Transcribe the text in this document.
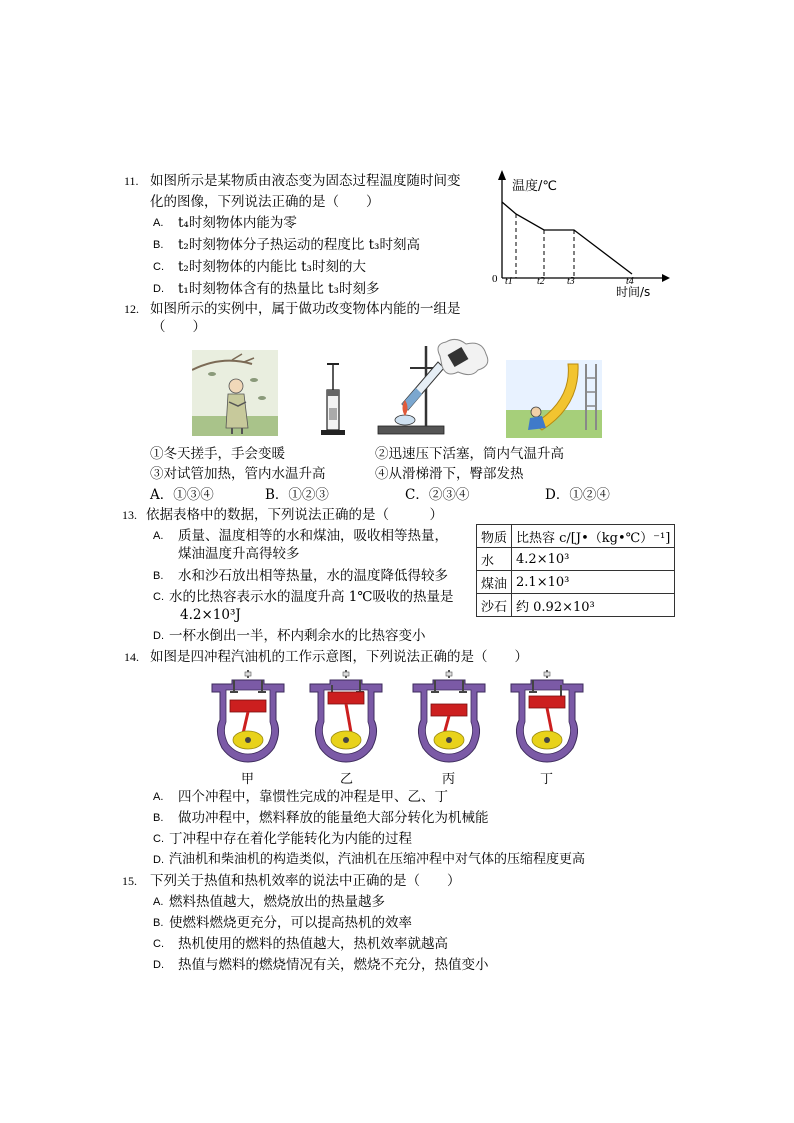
11. 如图所示是某物质由液态变为固态过程温度随时间变
化的图像，下列说法正确的是（　　）
A. t₄时刻物体内能为零
B. t₂时刻物体分子热运动的程度比 t₃时刻高
C. t₂时刻物体的内能比 t₃时刻的大
D. t₁时刻物体含有的热量比 t₃时刻多
温度/℃
0 t1 t2 t3	t4
时间/s
12. 如图所示的实例中，属于做功改变物体内能的一组是
（　　）
①冬天搓手，手会变暖	②迅速压下活塞，筒内气温升高
③对试管加热，管内水温升高	④从滑梯滑下，臀部发热
A．①③④	B．①②③	C．②③④	D．①②④
13. 依据表格中的数据，下列说法正确的是（　　　）
A. 质量、温度相等的水和煤油，吸收相等热量，
煤油温度升高得较多
B. 水和沙石放出相等热量，水的温度降低得较多
C. 水的比热容表示水的温度升高 1℃吸收的热量是
4.2×10³J
D. 一杯水倒出一半，杯内剩余水的比热容变小
物质	比热容 c/[J•（kg•℃）⁻¹]
水	4.2×10³
煤油	2.1×10³
沙石	约 0.92×10³
14. 如图是四冲程汽油机的工作示意图，下列说法正确的是（　　）
甲	乙	丙	丁
A. 四个冲程中，靠惯性完成的冲程是甲、乙、丁
B. 做功冲程中，燃料释放的能量绝大部分转化为机械能
C. 丁冲程中存在着化学能转化为内能的过程
D. 汽油机和柴油机的构造类似，汽油机在压缩冲程中对气体的压缩程度更高
15. 下列关于热值和热机效率的说法中正确的是（　　）
A. 燃料热值越大，燃烧放出的热量越多
B. 使燃料燃烧更充分，可以提高热机的效率
C. 热机使用的燃料的热值越大，热机效率就越高
D. 热值与燃料的燃烧情况有关，燃烧不充分，热值变小
